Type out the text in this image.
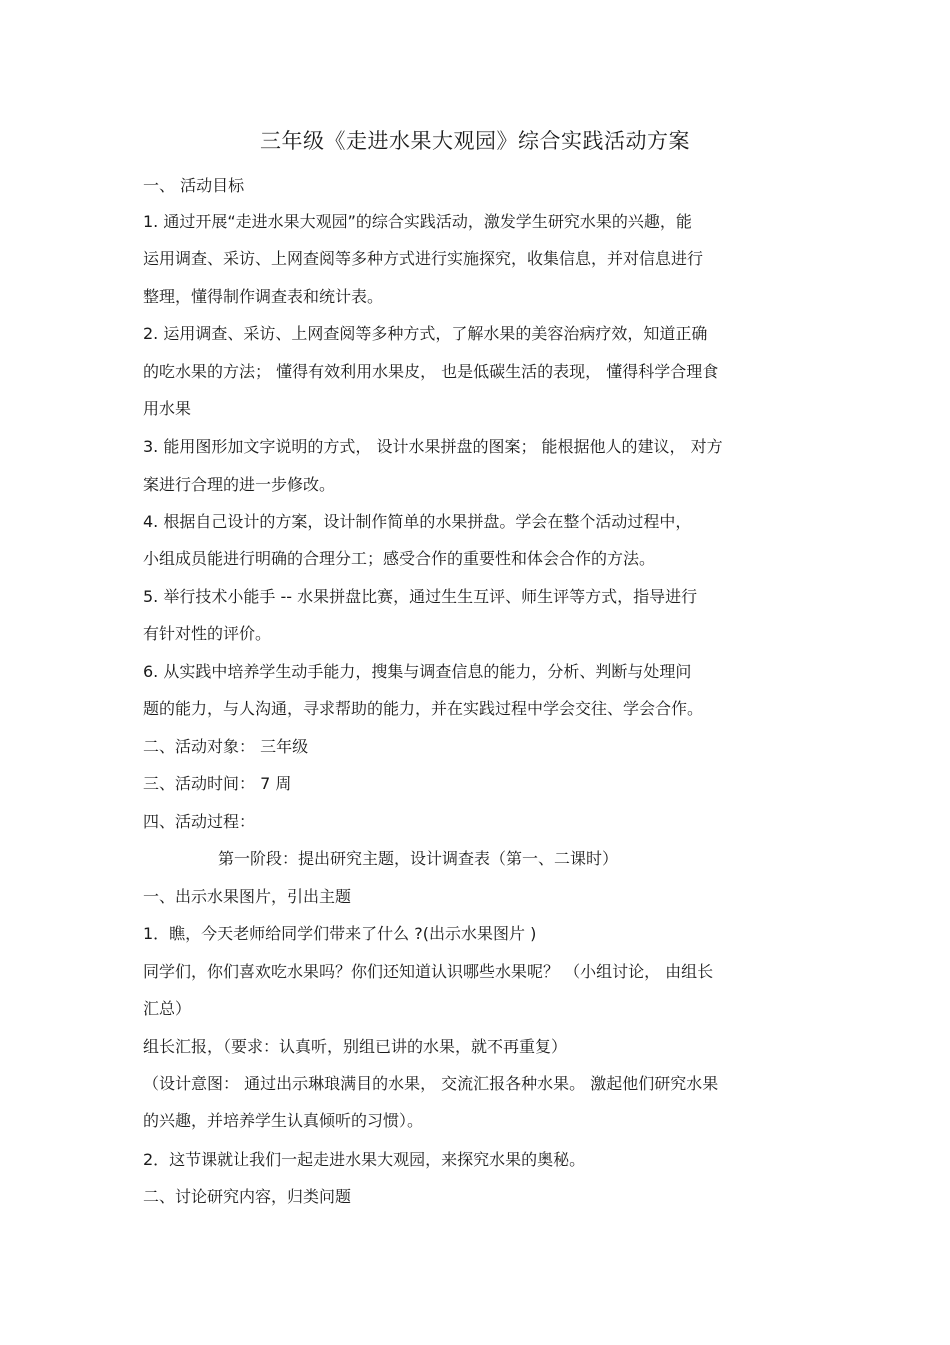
三年级《走进水果大观园》综合实践活动方案
一、 活动目标
1. 通过开展“走进水果大观园”的综合实践活动，激发学生研究水果的兴趣，能
运用调查、采访、上网查阅等多种方式进行实施探究，收集信息，并对信息进行
整理，懂得制作调查表和统计表。
2. 运用调查、采访、上网查阅等多种方式，了解水果的美容治病疗效，知道正确
的吃水果的方法； 懂得有效利用水果皮， 也是低碳生活的表现， 懂得科学合理食
用水果
3. 能用图形加文字说明的方式， 设计水果拼盘的图案； 能根据他人的建议， 对方
案进行合理的进一步修改。
4. 根据自己设计的方案，设计制作简单的水果拼盘。学会在整个活动过程中，
小组成员能进行明确的合理分工；感受合作的重要性和体会合作的方法。
5. 举行技术小能手 -- 水果拼盘比赛，通过生生互评、师生评等方式，指导进行
有针对性的评价。
6. 从实践中培养学生动手能力，搜集与调查信息的能力，分析、判断与处理问
题的能力，与人沟通，寻求帮助的能力，并在实践过程中学会交往、学会合作。
二、活动对象： 三年级
三、活动时间： 7 周
四、活动过程：
第一阶段：提出研究主题，设计调查表（第一、二课时）
一、出示水果图片，引出主题
1．瞧，今天老师给同学们带来了什么 ?(出示水果图片 )
同学们，你们喜欢吃水果吗？你们还知道认识哪些水果呢？ （小组讨论， 由组长
汇总）
组长汇报，（要求：认真听，别组已讲的水果，就不再重复）
（设计意图： 通过出示琳琅满目的水果， 交流汇报各种水果。 激起他们研究水果
的兴趣，并培养学生认真倾听的习惯）。
2．这节课就让我们一起走进水果大观园，来探究水果的奥秘。
二、讨论研究内容，归类问题
